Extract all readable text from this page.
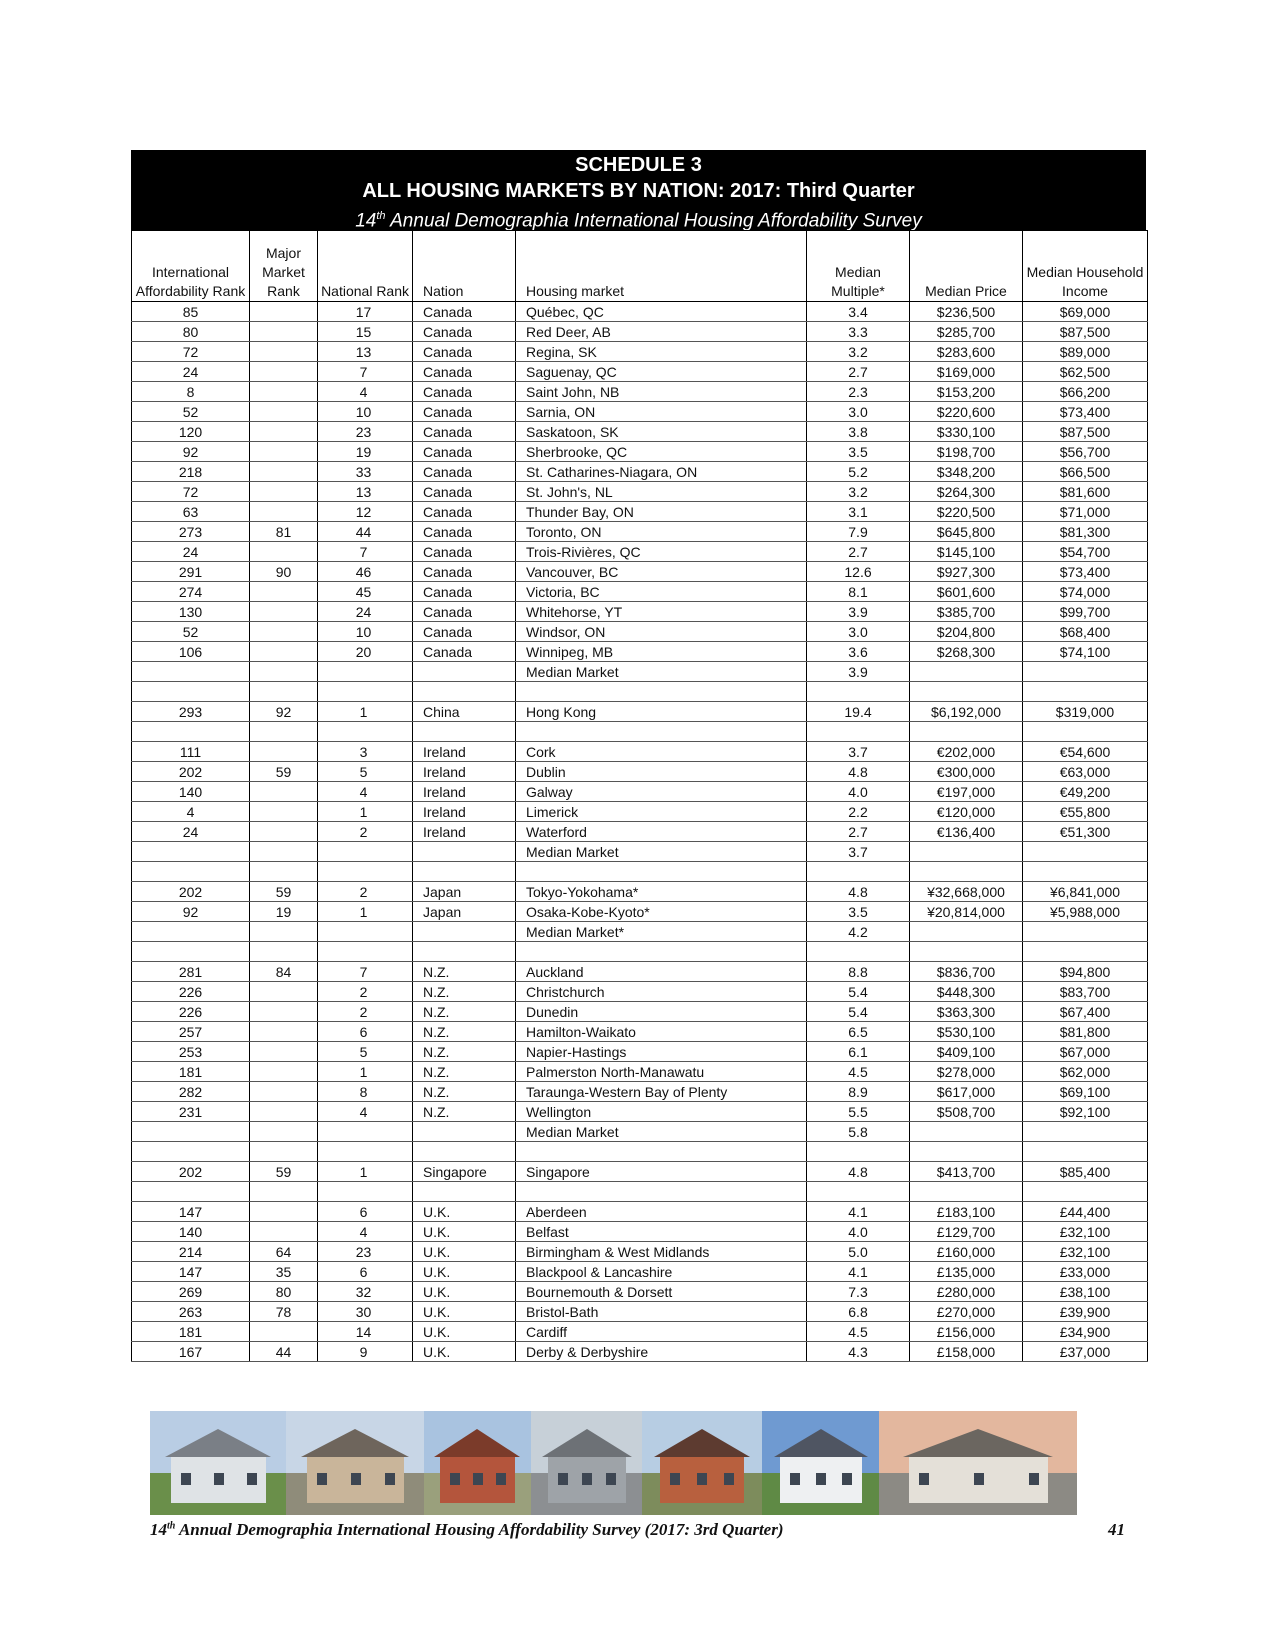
SCHEDULE 3
ALL HOUSING MARKETS BY NATION: 2017: Third Quarter
14th Annual Demographia International Housing Affordability Survey
International Affordability Rank	Major Market Rank	National Rank	Nation	Housing market	Median Multiple*	Median Price	Median Household Income
85		17	Canada	Québec, QC	3.4	$236,500	$69,000
80		15	Canada	Red Deer, AB	3.3	$285,700	$87,500
72		13	Canada	Regina, SK	3.2	$283,600	$89,000
24		7	Canada	Saguenay, QC	2.7	$169,000	$62,500
8		4	Canada	Saint John, NB	2.3	$153,200	$66,200
52		10	Canada	Sarnia, ON	3.0	$220,600	$73,400
120		23	Canada	Saskatoon, SK	3.8	$330,100	$87,500
92		19	Canada	Sherbrooke, QC	3.5	$198,700	$56,700
218		33	Canada	St. Catharines-Niagara, ON	5.2	$348,200	$66,500
72		13	Canada	St. John's, NL	3.2	$264,300	$81,600
63		12	Canada	Thunder Bay, ON	3.1	$220,500	$71,000
273	81	44	Canada	Toronto, ON	7.9	$645,800	$81,300
24		7	Canada	Trois-Rivières, QC	2.7	$145,100	$54,700
291	90	46	Canada	Vancouver, BC	12.6	$927,300	$73,400
274		45	Canada	Victoria, BC	8.1	$601,600	$74,000
130		24	Canada	Whitehorse, YT	3.9	$385,700	$99,700
52		10	Canada	Windsor, ON	3.0	$204,800	$68,400
106		20	Canada	Winnipeg, MB	3.6	$268,300	$74,100
				Median Market	3.9		

293	92	1	China	Hong Kong	19.4	$6,192,000	$319,000

111		3	Ireland	Cork	3.7	€202,000	€54,600
202	59	5	Ireland	Dublin	4.8	€300,000	€63,000
140		4	Ireland	Galway	4.0	€197,000	€49,200
4		1	Ireland	Limerick	2.2	€120,000	€55,800
24		2	Ireland	Waterford	2.7	€136,400	€51,300
				Median Market	3.7		

202	59	2	Japan	Tokyo-Yokohama*	4.8	¥32,668,000	¥6,841,000
92	19	1	Japan	Osaka-Kobe-Kyoto*	3.5	¥20,814,000	¥5,988,000
				Median Market*	4.2		

281	84	7	N.Z.	Auckland	8.8	$836,700	$94,800
226		2	N.Z.	Christchurch	5.4	$448,300	$83,700
226		2	N.Z.	Dunedin	5.4	$363,300	$67,400
257		6	N.Z.	Hamilton-Waikato	6.5	$530,100	$81,800
253		5	N.Z.	Napier-Hastings	6.1	$409,100	$67,000
181		1	N.Z.	Palmerston North-Manawatu	4.5	$278,000	$62,000
282		8	N.Z.	Taraunga-Western Bay of Plenty	8.9	$617,000	$69,100
231		4	N.Z.	Wellington	5.5	$508,700	$92,100
				Median Market	5.8		

202	59	1	Singapore	Singapore	4.8	$413,700	$85,400

147		6	U.K.	Aberdeen	4.1	£183,100	£44,400
140		4	U.K.	Belfast	4.0	£129,700	£32,100
214	64	23	U.K.	Birmingham & West Midlands	5.0	£160,000	£32,100
147	35	6	U.K.	Blackpool & Lancashire	4.1	£135,000	£33,000
269	80	32	U.K.	Bournemouth & Dorsett	7.3	£280,000	£38,100
263	78	30	U.K.	Bristol-Bath	6.8	£270,000	£39,900
181		14	U.K.	Cardiff	4.5	£156,000	£34,900
167	44	9	U.K.	Derby & Derbyshire	4.3	£158,000	£37,000
14th Annual Demographia International Housing Affordability Survey (2017: 3rd Quarter)	41
